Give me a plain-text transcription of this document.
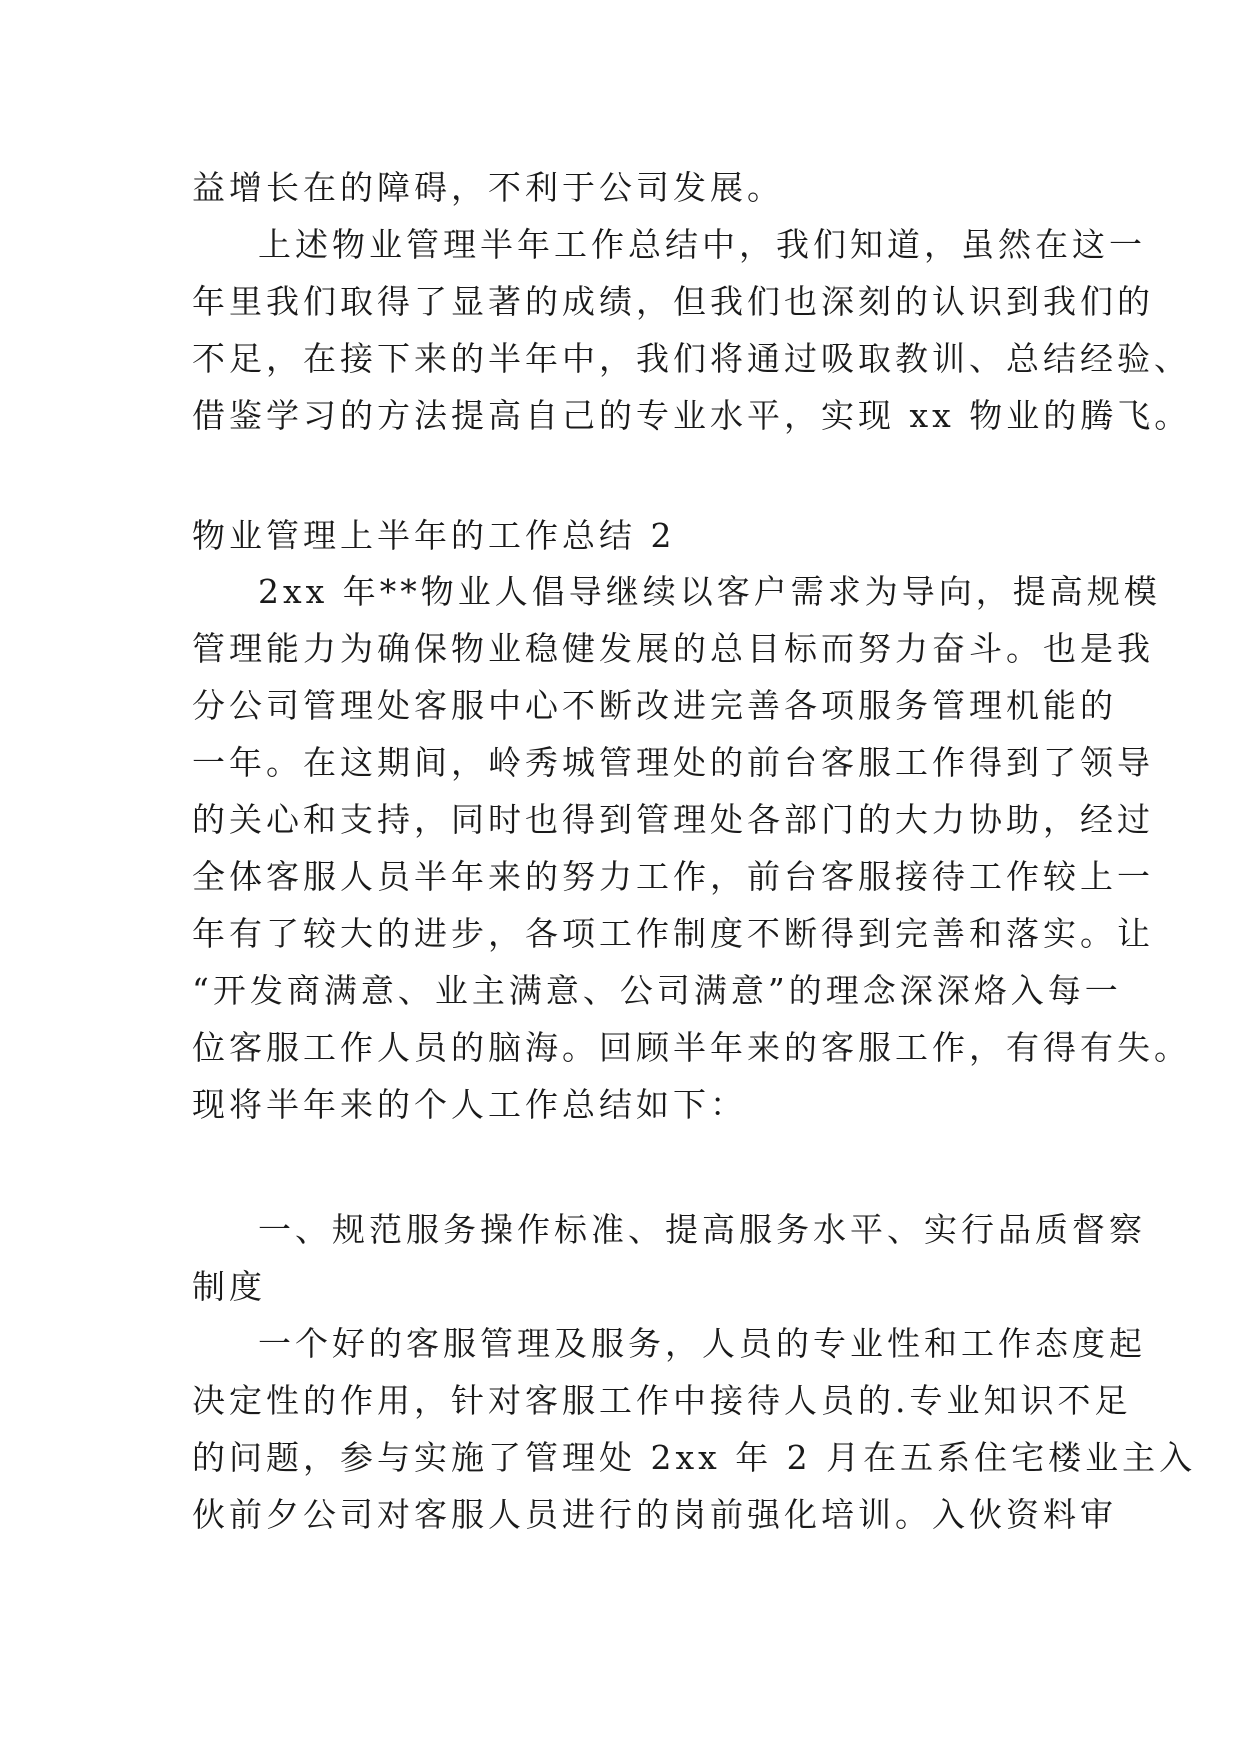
益增长在的障碍，不利于公司发展。
上述物业管理半年工作总结中，我们知道，虽然在这一
年里我们取得了显著的成绩，但我们也深刻的认识到我们的
不足，在接下来的半年中，我们将通过吸取教训、总结经验、
借鉴学习的方法提高自己的专业水平，实现 xx 物业的腾飞。
物业管理上半年的工作总结 2
2xx 年**物业人倡导继续以客户需求为导向，提高规模
管理能力为确保物业稳健发展的总目标而努力奋斗。也是我
分公司管理处客服中心不断改进完善各项服务管理机能的
一年。在这期间，岭秀城管理处的前台客服工作得到了领导
的关心和支持，同时也得到管理处各部门的大力协助，经过
全体客服人员半年来的努力工作，前台客服接待工作较上一
年有了较大的进步，各项工作制度不断得到完善和落实。让
“开发商满意、业主满意、公司满意”的理念深深烙入每一
位客服工作人员的脑海。回顾半年来的客服工作，有得有失。
现将半年来的个人工作总结如下：
一、规范服务操作标准、提高服务水平、实行品质督察
制度
一个好的客服管理及服务，人员的专业性和工作态度起
决定性的作用，针对客服工作中接待人员的.专业知识不足
的问题，参与实施了管理处 2xx 年 2 月在五系住宅楼业主入
伙前夕公司对客服人员进行的岗前强化培训。入伙资料审
